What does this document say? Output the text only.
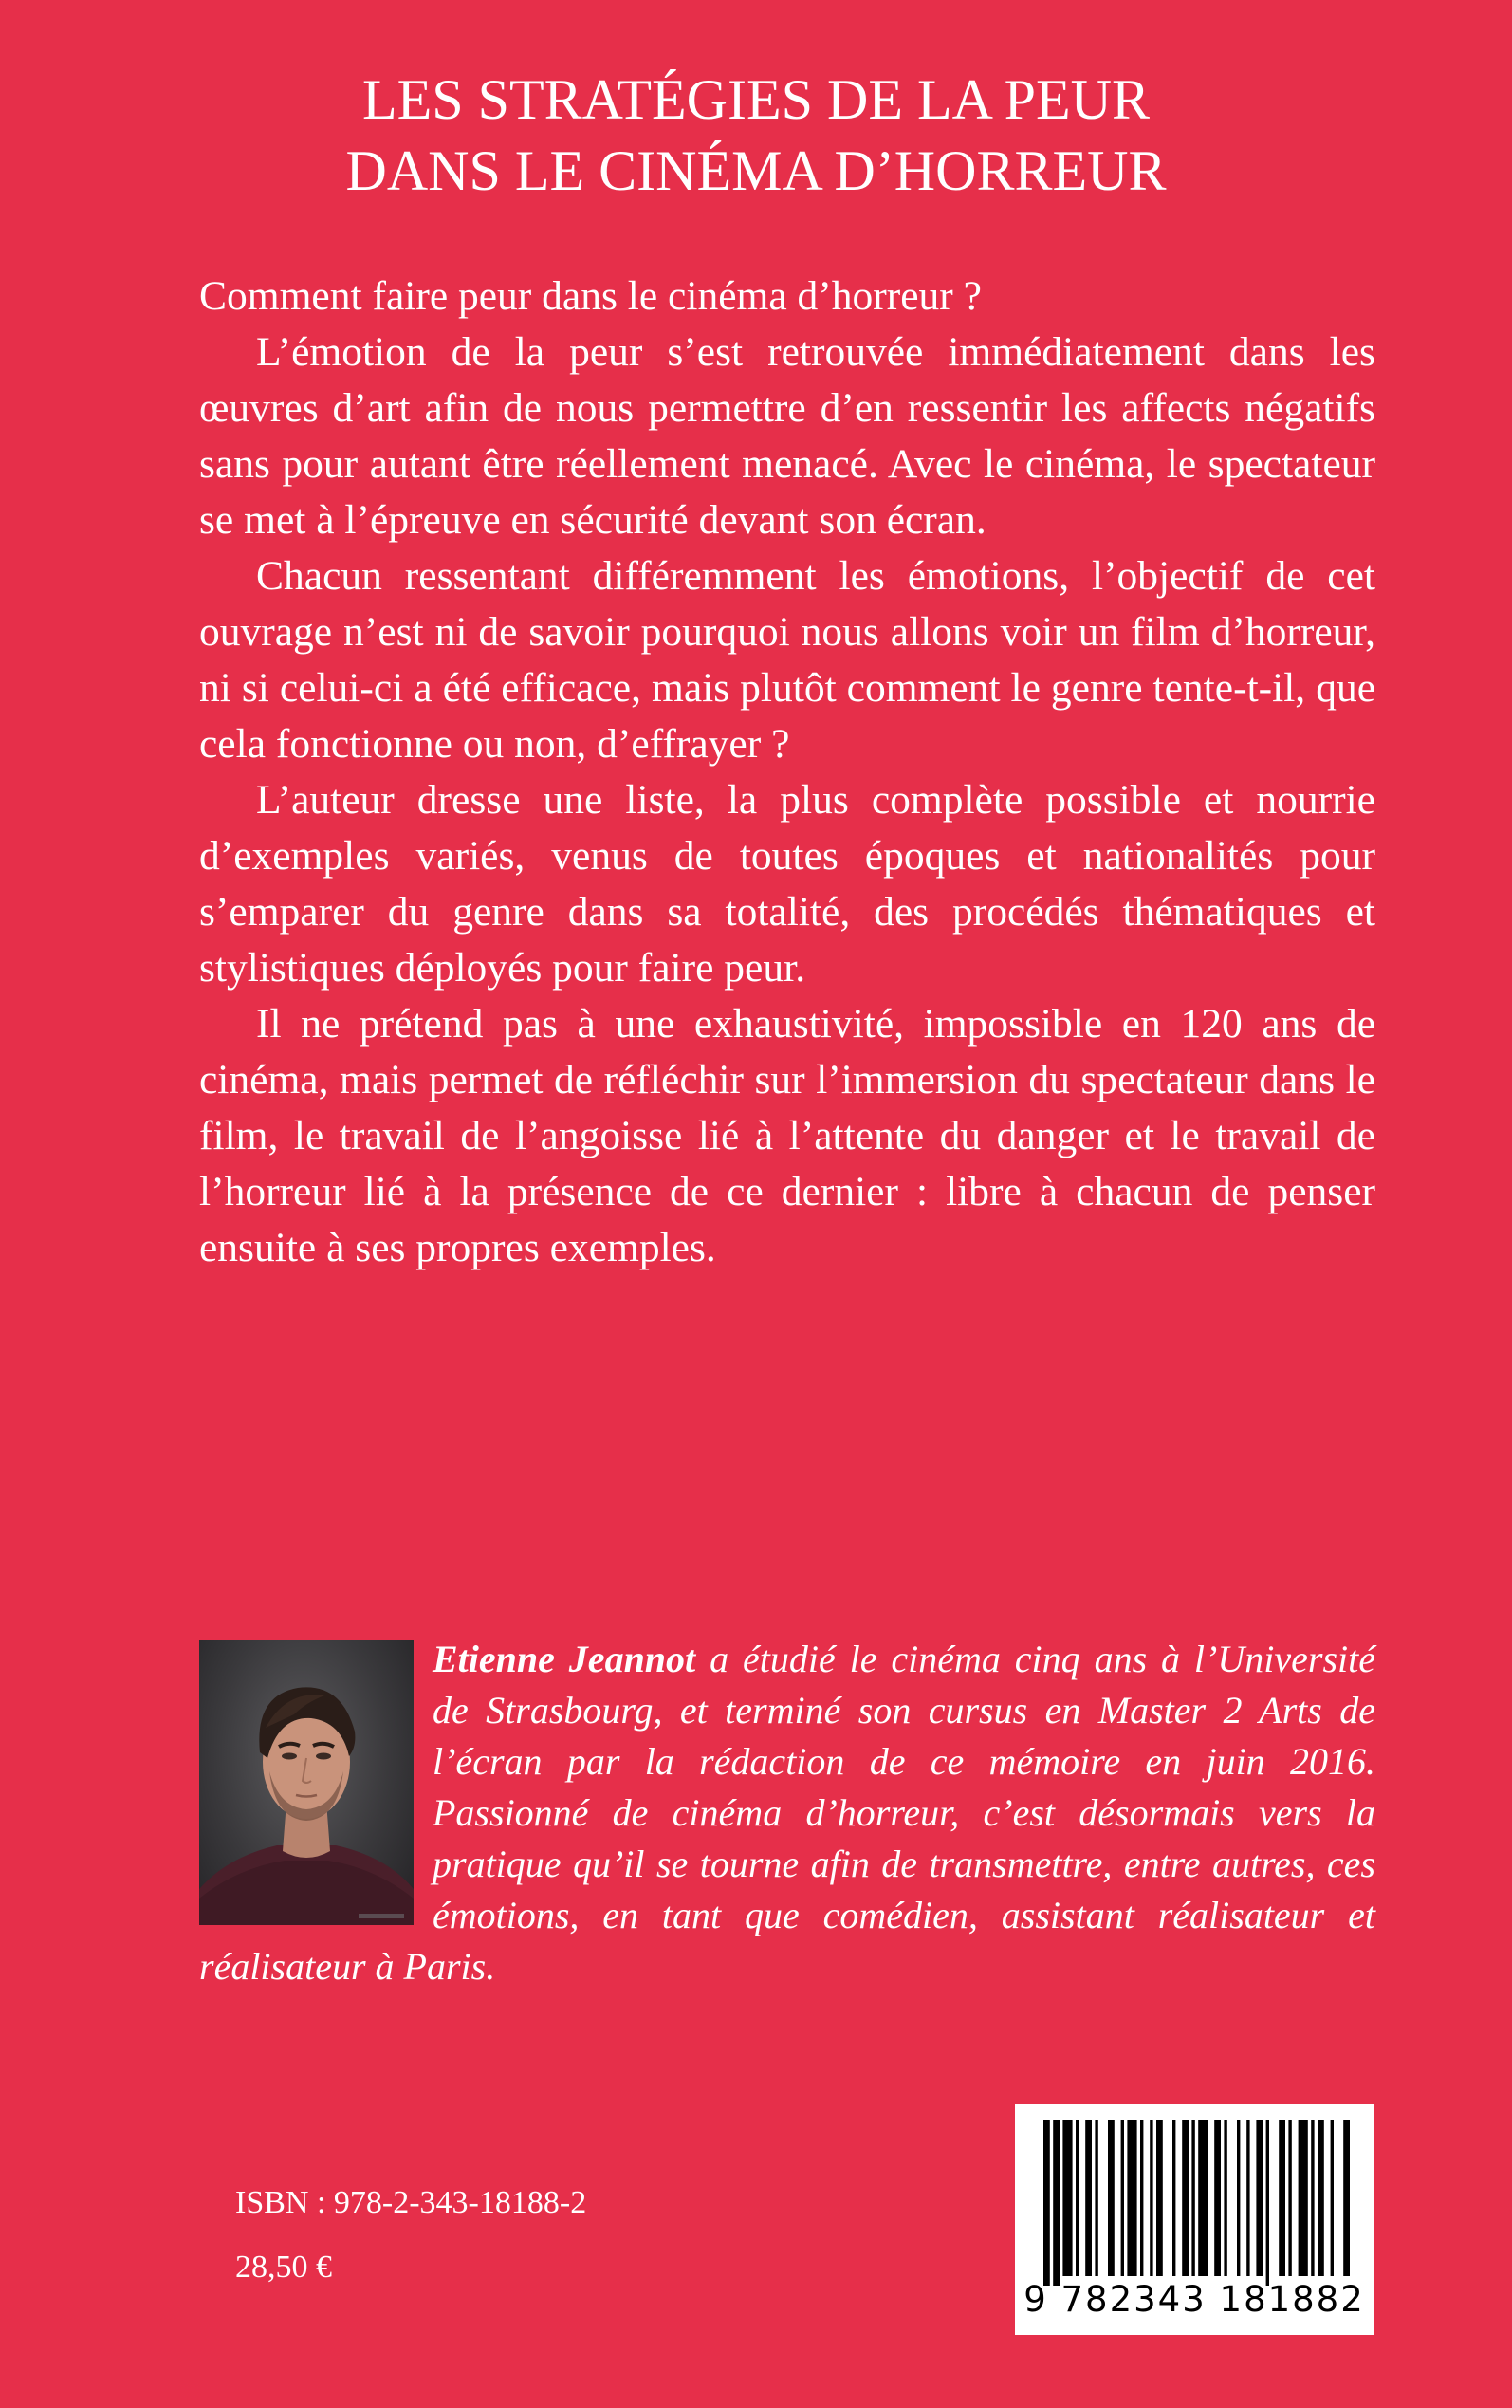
LES STRATÉGIES DE LA PEUR
DANS LE CINÉMA D’HORREUR

Comment faire peur dans le cinéma d’horreur ?

L’émotion de la peur s’est retrouvée immédiatement dans les œuvres d’art afin de nous permettre d’en ressentir les affects négatifs sans pour autant être réellement menacé. Avec le cinéma, le spectateur se met à l’épreuve en sécurité devant son écran.

Chacun ressentant différemment les émotions, l’objectif de cet ouvrage n’est ni de savoir pourquoi nous allons voir un film d’horreur, ni si celui-ci a été efficace, mais plutôt comment le genre tente-t-il, que cela fonctionne ou non, d’effrayer ?

L’auteur dresse une liste, la plus complète possible et nourrie d’exemples variés, venus de toutes époques et nationalités pour s’emparer du genre dans sa totalité, des procédés thématiques et stylistiques déployés pour faire peur.

Il ne prétend pas à une exhaustivité, impossible en 120 ans de cinéma, mais permet de réfléchir sur l’immersion du spectateur dans le film, le travail de l’angoisse lié à l’attente du danger et le travail de l’horreur lié à la présence de ce dernier : libre à chacun de penser ensuite à ses propres exemples.

Etienne Jeannot a étudié le cinéma cinq ans à l’Université de Strasbourg, et terminé son cursus en Master 2 Arts de l’écran par la rédaction de ce mémoire en juin 2016. Passionné de cinéma d’horreur, c’est désormais vers la pratique qu’il se tourne afin de transmettre, entre autres, ces émotions, en tant que comédien, assistant réalisateur et réalisateur à Paris.
ISBN : 978-2-343-18188-2
28,50 €
9 782343 181882
